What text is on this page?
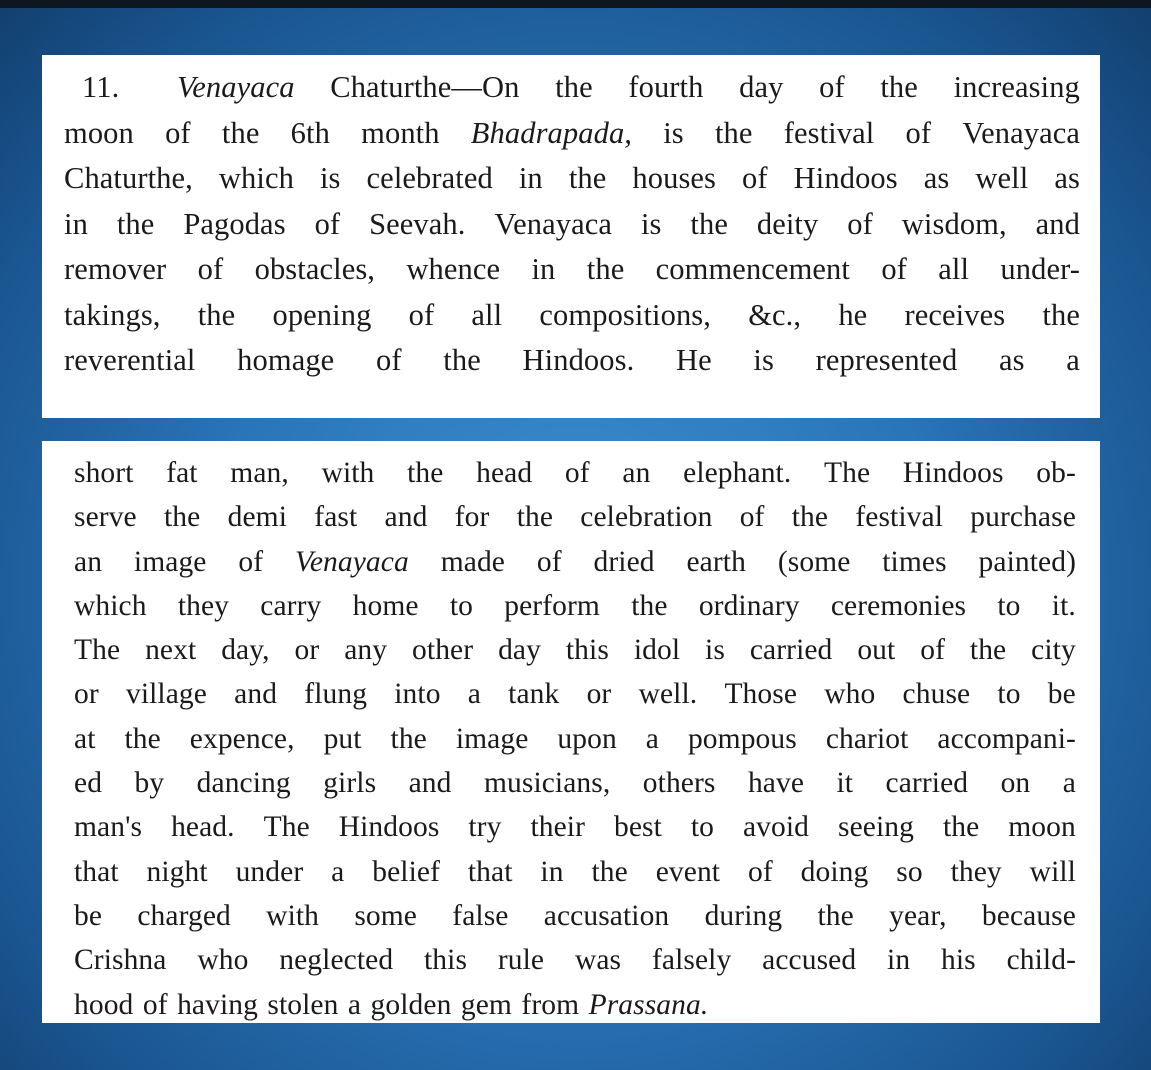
11. Venayaca Chaturthe—On the fourth day of the increasing
moon of the 6th month Bhadrapada, is the festival of Venayaca
Chaturthe, which is celebrated in the houses of Hindoos as well as
in the Pagodas of Seevah. Venayaca is the deity of wisdom, and
remover of obstacles, whence in the commencement of all under-
takings, the opening of all compositions, &c., he receives the
reverential homage of the Hindoos. He is represented as a
short fat man, with the head of an elephant. The Hindoos ob-
serve the demi fast and for the celebration of the festival purchase
an image of Venayaca made of dried earth (some times painted)
which they carry home to perform the ordinary ceremonies to it.
The next day, or any other day this idol is carried out of the city
or village and flung into a tank or well. Those who chuse to be
at the expence, put the image upon a pompous chariot accompani-
ed by dancing girls and musicians, others have it carried on a
man's head. The Hindoos try their best to avoid seeing the moon
that night under a belief that in the event of doing so they will
be charged with some false accusation during the year, because
Crishna who neglected this rule was falsely accused in his child-
hood of having stolen a golden gem from Prassana.
